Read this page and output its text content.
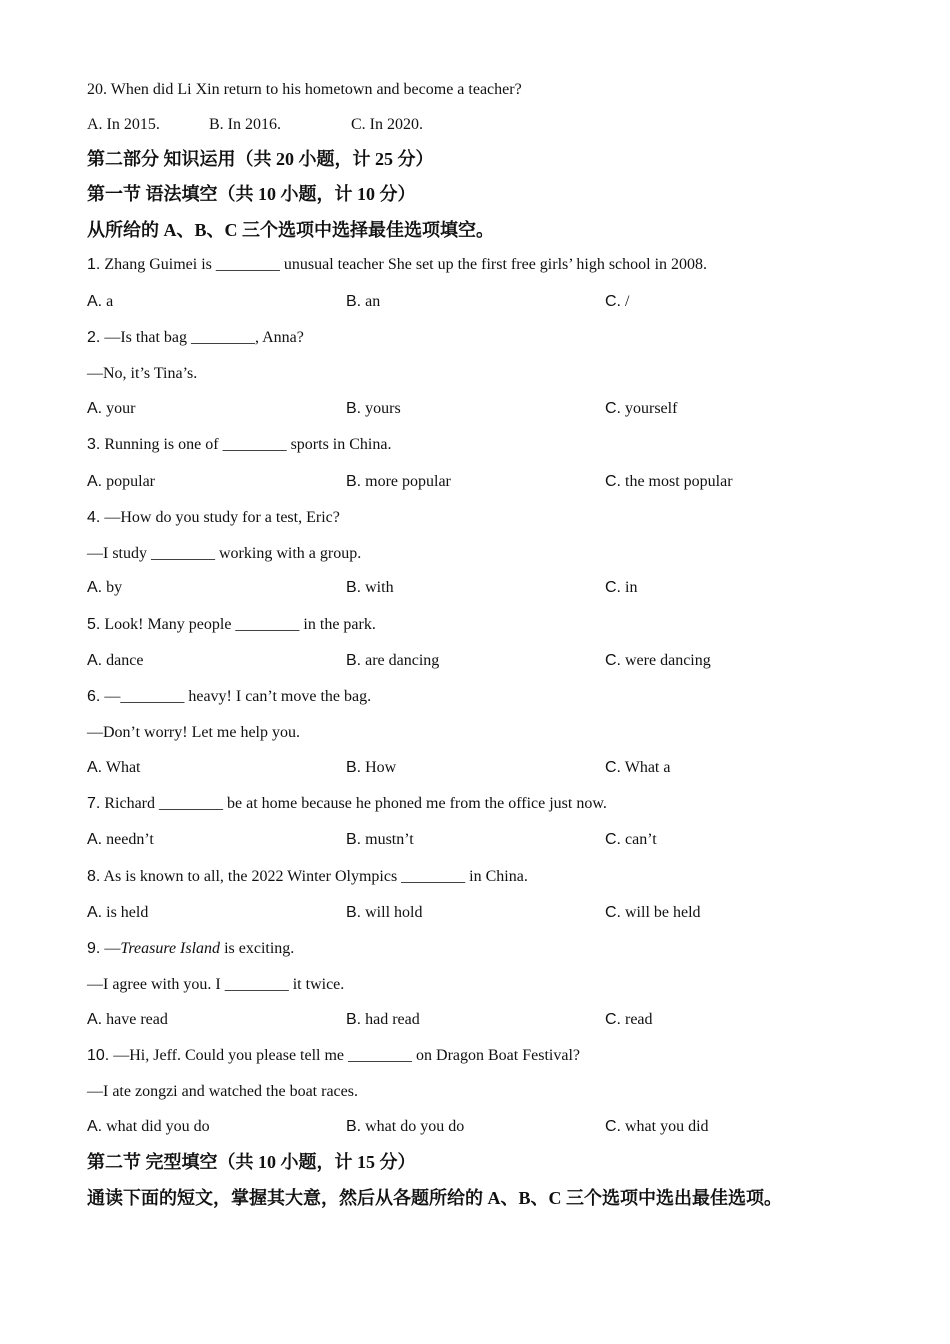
20. When did Li Xin return to his hometown and become a teacher?
A. In 2015.	B. In 2016.	C. In 2020.
第二部分 知识运用（共 20 小题，计 25 分）
第一节 语法填空（共 10 小题，计 10 分）
从所给的 A、B、C 三个选项中选择最佳选项填空。
1. Zhang Guimei is ________ unusual teacher She set up the first free girls’ high school in 2008.
A. a	B. an	C. /
2. —Is that bag ________, Anna?
—No, it’s Tina’s.
A. your	B. yours	C. yourself
3. Running is one of ________ sports in China.
A. popular	B. more popular	C. the most popular
4. —How do you study for a test, Eric?
—I study ________ working with a group.
A. by	B. with	C. in
5. Look! Many people ________ in the park.
A. dance	B. are dancing	C. were dancing
6. —________ heavy! I can’t move the bag.
—Don’t worry! Let me help you.
A. What	B. How	C. What a
7. Richard ________ be at home because he phoned me from the office just now.
A. needn’t	B. mustn’t	C. can’t
8. As is known to all, the 2022 Winter Olympics ________ in China.
A. is held	B. will hold	C. will be held
9. —Treasure Island is exciting.
—I agree with you. I ________ it twice.
A. have read	B. had read	C. read
10. —Hi, Jeff. Could you please tell me ________ on Dragon Boat Festival?
—I ate zongzi and watched the boat races.
A. what did you do	B. what do you do	C. what you did
第二节 完型填空（共 10 小题，计 15 分）
通读下面的短文，掌握其大意，然后从各题所给的 A、B、C 三个选项中选出最佳选项。
